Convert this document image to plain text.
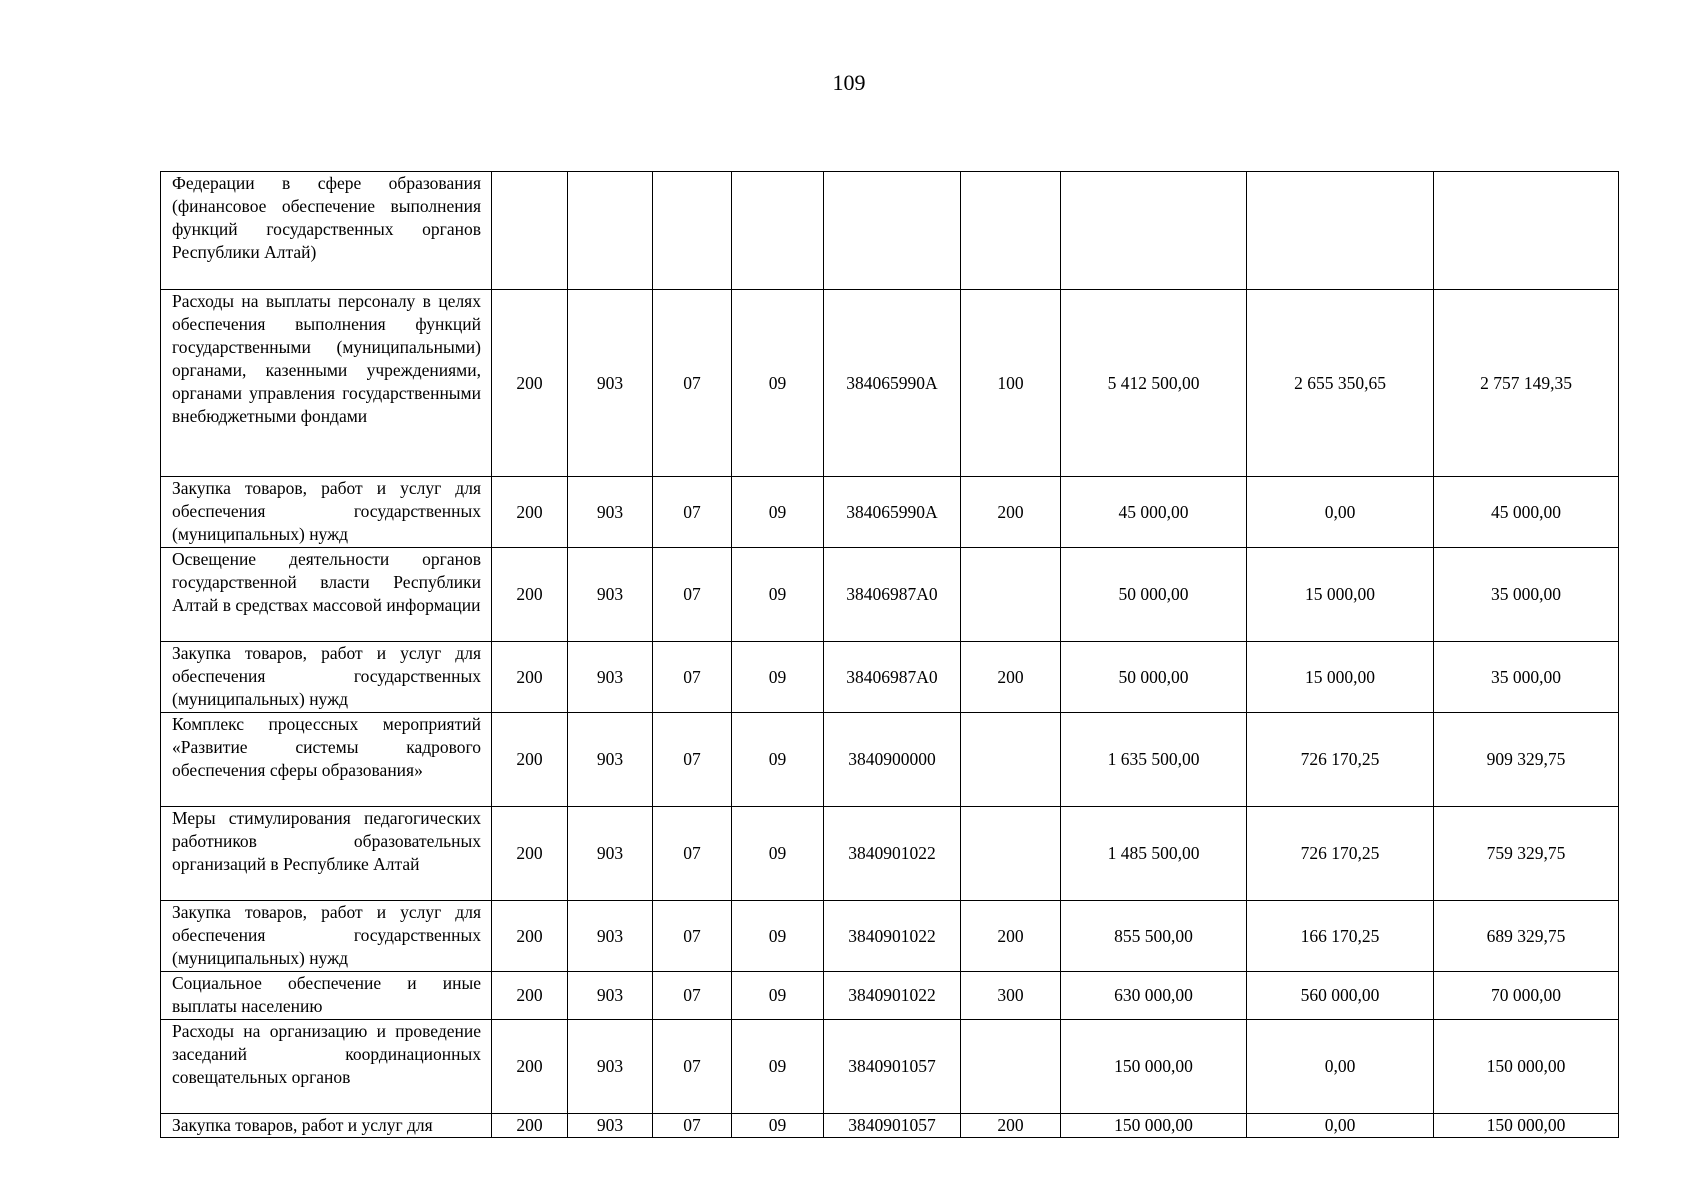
109
Федерации в сфере образования (финансовое обеспечение выполнения функций государственных органов Республики Алтай)									

Расходы на выплаты персоналу в целях обеспечения выполнения функций государственными (муниципальными) органами, казенными учреждениями, органами управления государственными внебюджетными фондами	200	903	07	09	384065990А	100	5 412 500,00	2 655 350,65	2 757 149,35

Закупка товаров, работ и услуг для обеспечения государственных (муниципальных) нужд	200	903	07	09	384065990А	200	45 000,00	0,00	45 000,00

Освещение деятельности органов государственной власти Республики Алтай в средствах массовой информации	200	903	07	09	38406987А0		50 000,00	15 000,00	35 000,00

Закупка товаров, работ и услуг для обеспечения государственных (муниципальных) нужд	200	903	07	09	38406987А0	200	50 000,00	15 000,00	35 000,00

Комплекс процессных мероприятий «Развитие системы кадрового обеспечения сферы образования»	200	903	07	09	3840900000		1 635 500,00	726 170,25	909 329,75

Меры стимулирования педагогических работников образовательных организаций в Республике Алтай	200	903	07	09	3840901022		1 485 500,00	726 170,25	759 329,75

Закупка товаров, работ и услуг для обеспечения государственных (муниципальных) нужд	200	903	07	09	3840901022	200	855 500,00	166 170,25	689 329,75

Социальное обеспечение и иные выплаты населению	200	903	07	09	3840901022	300	630 000,00	560 000,00	70 000,00

Расходы на организацию и проведение заседаний координационных совещательных органов	200	903	07	09	3840901057		150 000,00	0,00	150 000,00

Закупка товаров, работ и услуг для	200	903	07	09	3840901057	200	150 000,00	0,00	150 000,00
